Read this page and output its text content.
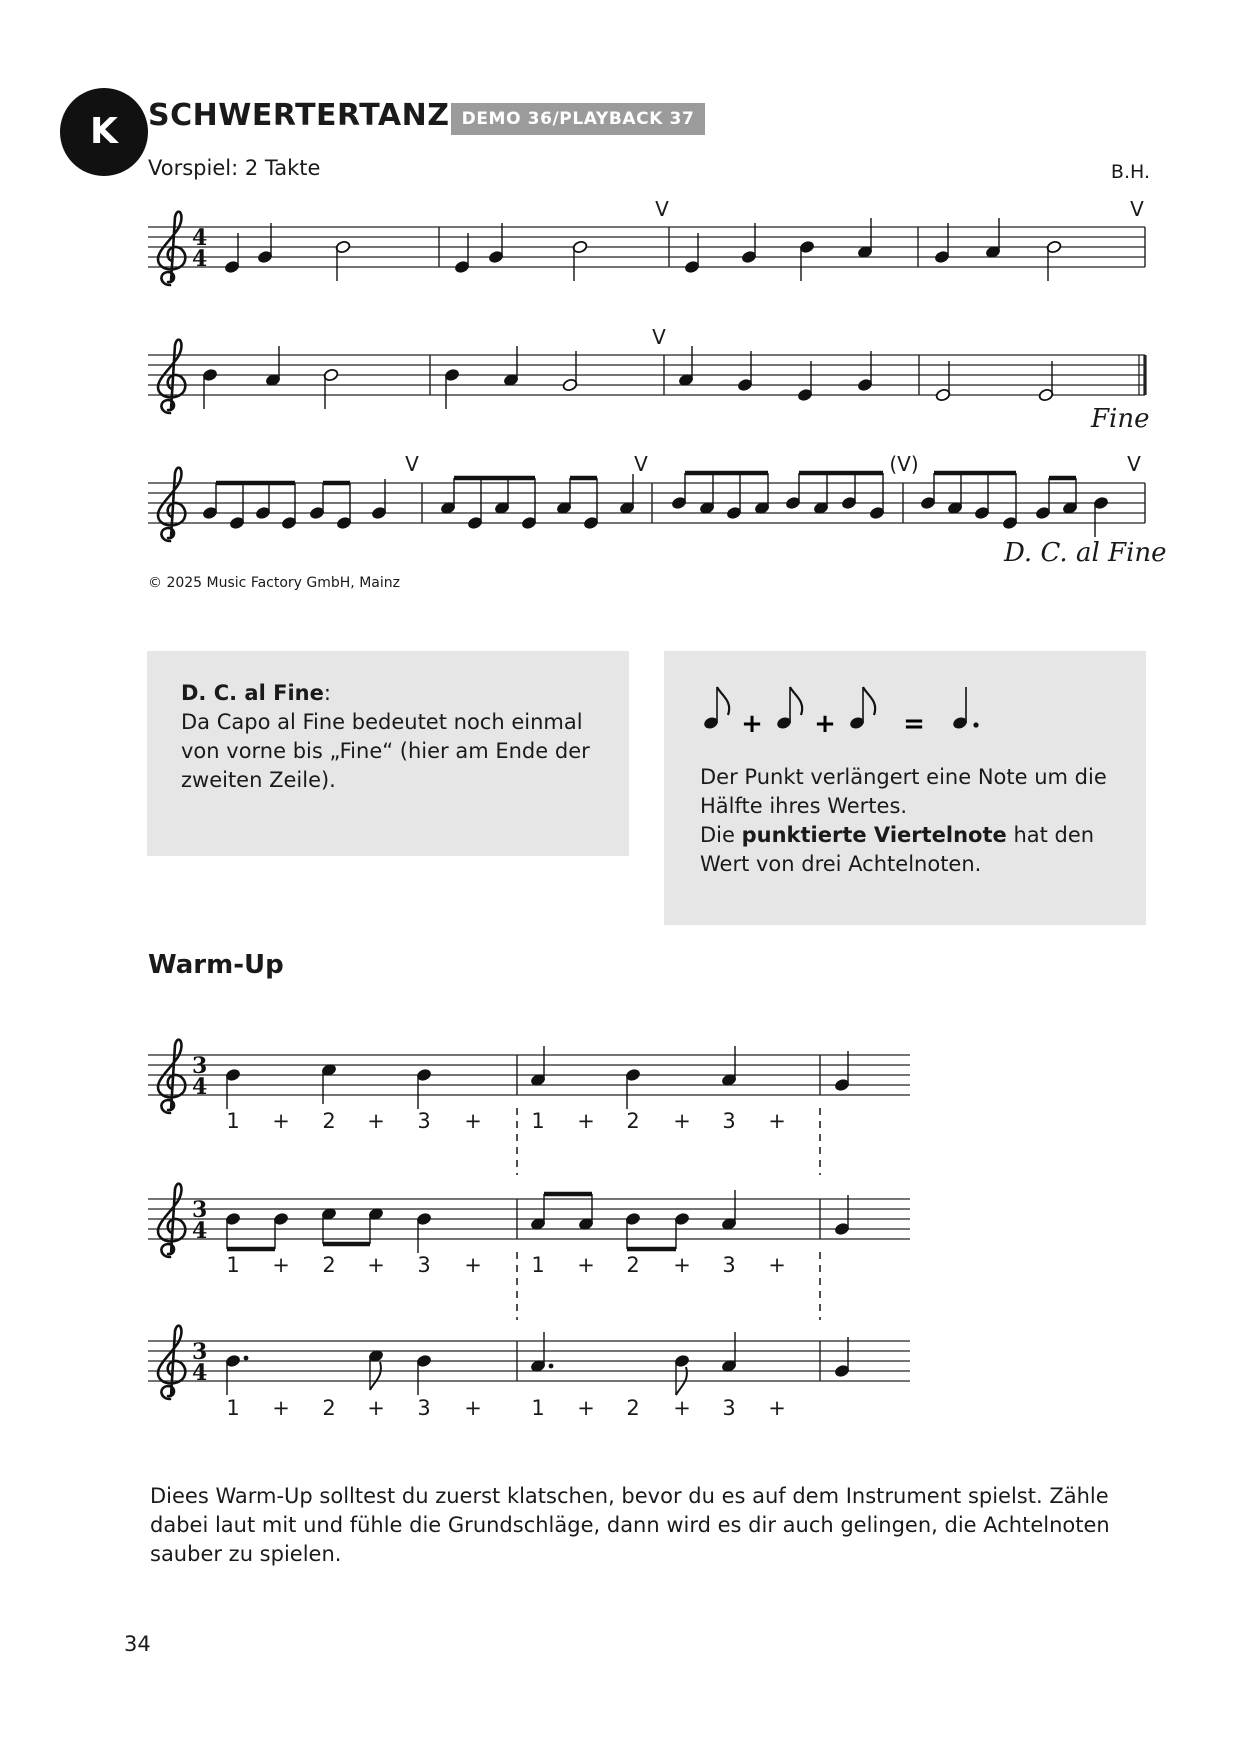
K	SCHWERTERTANZ DEMO 36/PLAYBACK 37
Vorspiel: 2 Takte	B.H.
4
4
V	V
V
V	V	(V)	V
3
4
1 + 2 + 3 + 1 + 2 + 3 +
3
4
1 + 2 + 3 + 1 + 2 + 3 +
3
4
1 + 2 + 3 + 1 + 2 + 3 +
Fine
D. C. al Fine
© 2025 Music Factory GmbH, Mainz
D. C. al Fine:
Da Capo al Fine bedeutet noch einmal
von vorne bis „Fine“ (hier am Ende der
zweiten Zeile).
+ +	=
Der Punkt verlängert eine Note um die
Hälfte ihres Wertes.
Die punktierte Viertelnote hat den
Wert von drei Achtelnoten.
Warm-Up
Diees Warm-Up solltest du zuerst klatschen, bevor du es auf dem Instrument spielst. Zähle dabei laut mit und fühle die Grundschläge, dann wird es dir auch gelingen, die Achtelnoten sauber zu spielen.
34
